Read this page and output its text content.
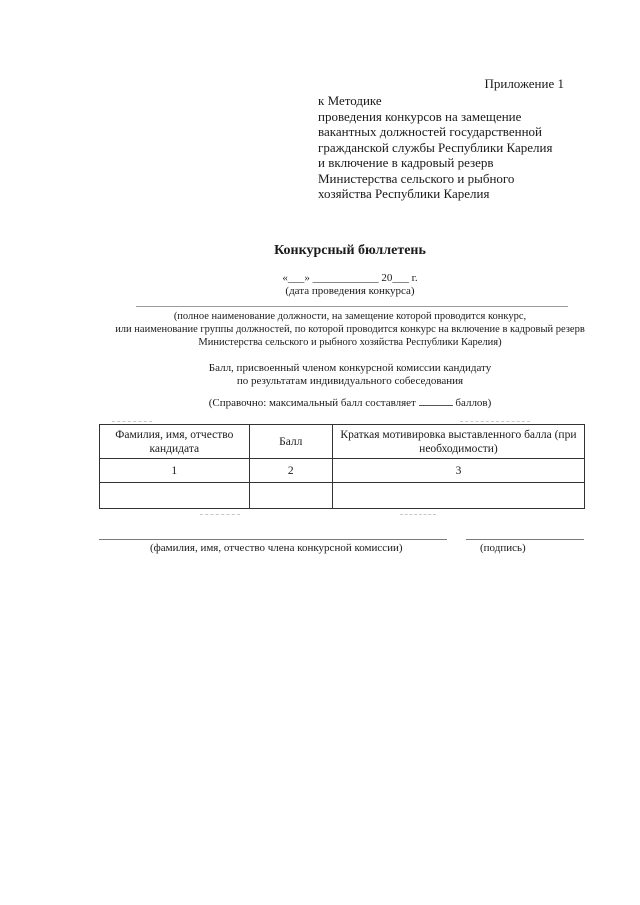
Приложение 1
к Методике
проведения конкурсов на замещение
вакантных должностей государственной
гражданской службы Республики Карелия
и включение в кадровый резерв
Министерства сельского и рыбного
хозяйства Республики Карелия
Конкурсный бюллетень
«___» ____________ 20___ г.
(дата проведения конкурса)
(полное наименование должности, на замещение которой проводится конкурс,
или наименование группы должностей, по которой проводится конкурс на включение в кадровый резерв
Министерства сельского и рыбного хозяйства Республики Карелия)
Балл, присвоенный членом конкурсной комиссии кандидату
по результатам индивидуального собеседования
(Справочно: максимальный балл составляет	баллов)
Фамилия, имя, отчество кандидата	Балл	Краткая мотивировка выставленного балла (при необходимости)
1	2	3

(фамилия, имя, отчество члена конкурсной комиссии)	(подпись)
